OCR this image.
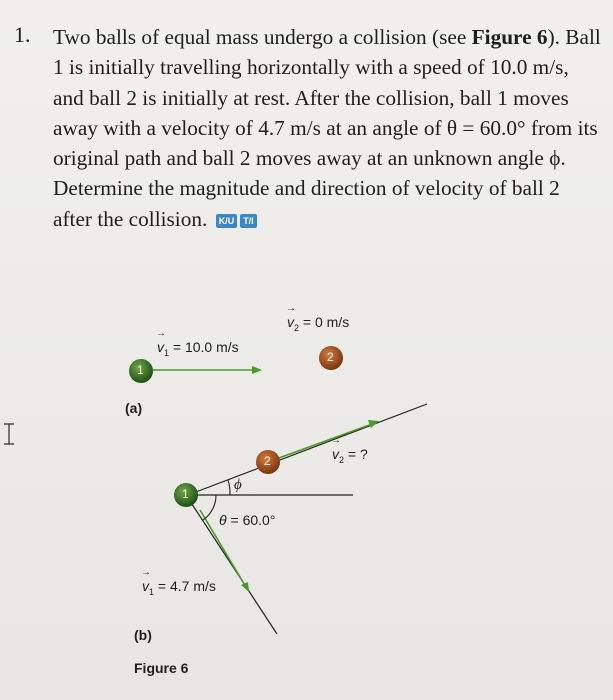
1. Two balls of equal mass undergo a collision (see Figure 6). Ball 1 is initially travelling horizontally with a speed of 10.0 m/s, and ball 2 is initially at rest. After the collision, ball 1 moves away with a velocity of 4.7 m/s at an angle of θ = 60.0° from its original path and ball 2 moves away at an unknown angle ϕ. Determine the magnitude and direction of velocity of ball 2 after the collision. K/U T/I
1
2
1
2
→ $v_1 = 10.0$ m/s
→ $v_2 = 0$ m/s
(a)
→ $v_2$ = ?
ϕ
θ = 60.0°
→ $v_1 = 4.7$ m/s
(b)
Figure 6
